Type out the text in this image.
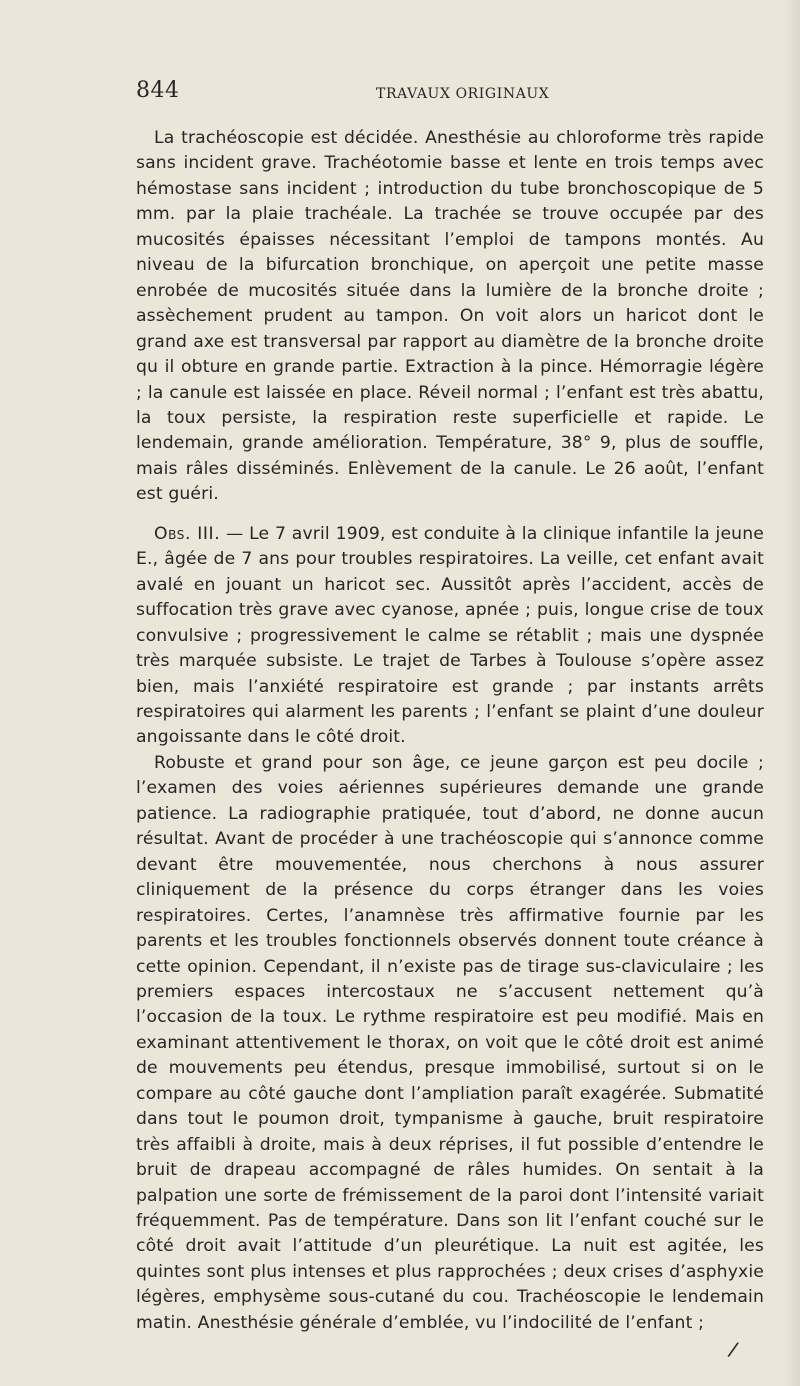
844	TRAVAUX ORIGINAUX

La trachéoscopie est décidée. Anesthésie au chloroforme très rapide sans incident grave. Trachéotomie basse et lente en trois temps avec hémostase sans incident ; introduction du tube bronchoscopique de 5 mm. par la plaie trachéale. La trachée se trouve occupée par des mucosités épaisses nécessitant l’emploi de tampons montés. Au niveau de la bifurcation bronchique, on aperçoit une petite masse enrobée de mucosités située dans la lumière de la bronche droite ; assèchement prudent au tampon. On voit alors un haricot dont le grand axe est transversal par rapport au diamètre de la bronche droite qu il obture en grande partie. Extraction à la pince. Hémorragie légère ; la canule est laissée en place. Réveil normal ; l’enfant est très abattu, la toux persiste, la respiration reste superficielle et rapide. Le lendemain, grande amélioration. Température, 38° 9, plus de souffle, mais râles disséminés. Enlèvement de la canule. Le 26 août, l’enfant est guéri.

Obs. III. — Le 7 avril 1909, est conduite à la clinique infantile la jeune E., âgée de 7 ans pour troubles respiratoires. La veille, cet enfant avait avalé en jouant un haricot sec. Aussitôt après l’accident, accès de suffocation très grave avec cyanose, apnée ; puis, longue crise de toux convulsive ; progressivement le calme se rétablit ; mais une dyspnée très marquée subsiste. Le trajet de Tarbes à Toulouse s’opère assez bien, mais l’anxiété respiratoire est grande ; par instants arrêts respiratoires qui alarment les parents ; l’enfant se plaint d’une douleur angoissante dans le côté droit.

Robuste et grand pour son âge, ce jeune garçon est peu docile ; l’examen des voies aériennes supérieures demande une grande patience. La radiographie pratiquée, tout d’abord, ne donne aucun résultat. Avant de procéder à une trachéoscopie qui s’annonce comme devant être mouvementée, nous cherchons à nous assurer cliniquement de la présence du corps étranger dans les voies respiratoires. Certes, l’anamnèse très affirmative fournie par les parents et les troubles fonctionnels observés donnent toute créance à cette opinion. Cependant, il n’existe pas de tirage sus-claviculaire ; les premiers espaces intercostaux ne s’accusent nettement qu’à l’occasion de la toux. Le rythme respiratoire est peu modifié. Mais en examinant attentivement le thorax, on voit que le côté droit est animé de mouvements peu étendus, presque immobilisé, surtout si on le compare au côté gauche dont l’ampliation paraît exagérée. Submatité dans tout le poumon droit, tympanisme à gauche, bruit respiratoire très affaibli à droite, mais à deux réprises, il fut possible d’entendre le bruit de drapeau accompagné de râles humides. On sentait à la palpation une sorte de frémissement de la paroi dont l’intensité variait fréquemment. Pas de température. Dans son lit l’enfant couché sur le côté droit avait l’attitude d’un pleurétique. La nuit est agitée, les quintes sont plus intenses et plus rapprochées ; deux crises d’asphyxie légères, emphysème sous-cutané du cou. Trachéoscopie le lendemain matin. Anesthésie générale d’emblée, vu l’indocilité de l’enfant ;

/
